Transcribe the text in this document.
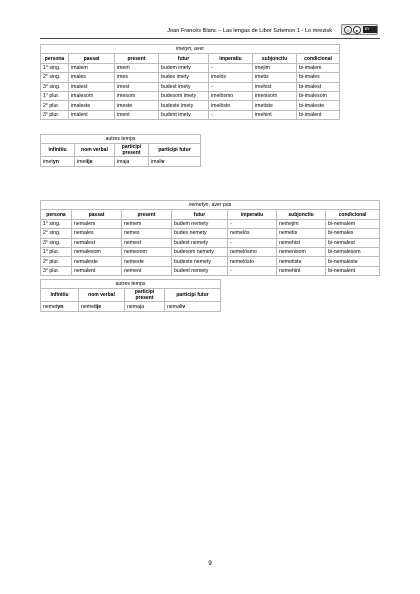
Joan Francés Blanc – Las lengas de Libor Sztemon 1 - Lo mrezisk	©	●	BY SA
imetyn, aver						
persona	passat	present	futur	imperatiu	subjonctiu	condicional
1° sing.	imalem	imem	budem imety	-	imejim	bi-imalem
2° sing.	imales	imes	budes imety	imelös	imetis	bi-imales
3° sing.	imalest	imest	budest imety	-	imehist	bi-imalest
1° plur.	imalesom	imesom	budesom imety	imelösmo	imenisom	bi-imalesom
2° plur.	imaleste	imeste	budeste imety	imelösto	imetiste	bi-imaleste
3° plur.	imalent	iment	budent imety	-	imehint	bi-imalent
autres temps			
infinitiu	nom verbal	participi present	participi futur
imetyn	imetije	imaja	imaliv
nemetyn, aver pas						
persona	passat	present	futur	imperatiu	subjonctiu	condicional
1° sing.	nemalem	nemem	budem nemety	-	nemejim	bi-nemalem
2° sing.	nemales	nemes	budes nemety	nemelös	nemetis	bi-nemales
3° sing.	nemalest	nemest	budest nemety	-	nemehist	bi-nemalest
1° plur.	nemalesom	nemesom	budesom nemety	nemelösmo	nemenisom	bi-nemalesom
2° plur.	nemaleste	nemeste	budeste nemety	nemelösto	nemetiste	bi-nemaleste
3° plur.	nemalent	nement	budent nemety	-	nemehint	bi-nemalent
autres temps			
infinitiu	nom verbal	participi present	participi futur
nemetyn	nemetije	nemaja	nemaliv
9
